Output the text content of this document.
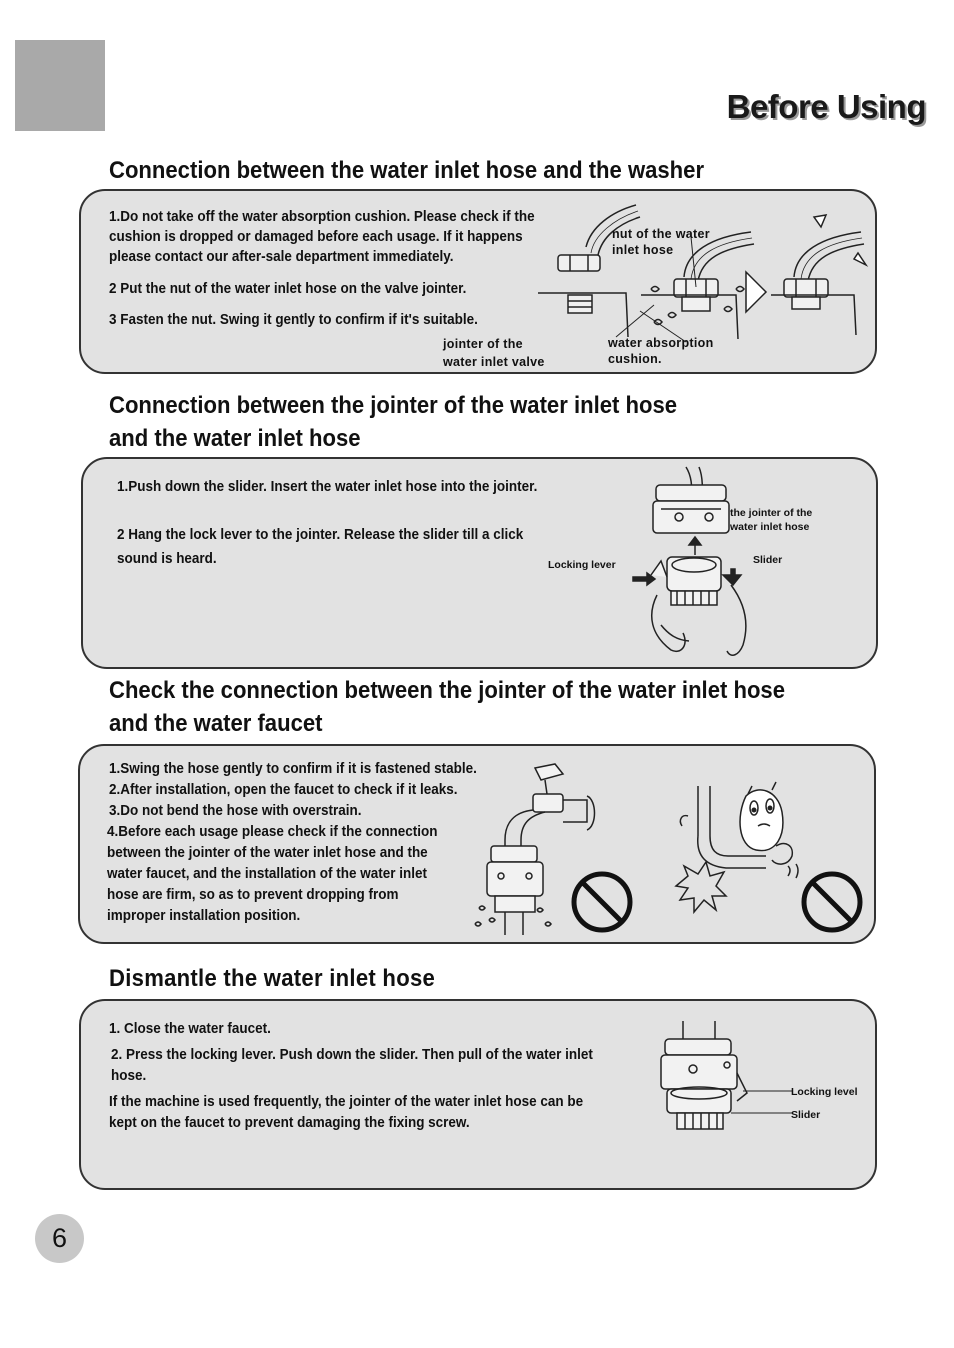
Before Using
Connection between the water inlet hose and the washer

1.Do not take off the water absorption cushion. Please check if the

cushion is dropped or damaged before each usage. If it happens

please contact our after-sale department immediately.

2 Put the nut of the water inlet hose on the valve jointer.

3 Fasten the nut. Swing it gently to confirm if it's suitable.

nut of the water

inlet hose

jointer of the

water inlet valve

water absorption

cushion.

Connection between the jointer of the water inlet hose
and the water inlet hose

1.Push down the slider. Insert the water inlet hose into the jointer.

2 Hang the lock lever to the jointer. Release the slider till a click

sound is heard.

the jointer of the

water inlet hose

Slider

Locking lever

Check the connection between the jointer of the water inlet hose
and the water faucet

1.Swing the hose gently to confirm if it is fastened stable.

2.After installation, open the faucet to check if it leaks.

3.Do not bend the hose with overstrain.

4.Before each usage please check if the connection

between the jointer of the water inlet hose and the

water faucet, and the installation of the water inlet

hose are firm, so as to prevent dropping from

improper installation position.

Dismantle the water inlet hose

1. Close the water faucet.

2. Press the locking lever. Push down the slider. Then pull of the water inlet

hose.

If the machine is used frequently, the jointer of the water inlet hose can be

kept on the faucet to prevent damaging the fixing screw.

Locking level

Slider

6
